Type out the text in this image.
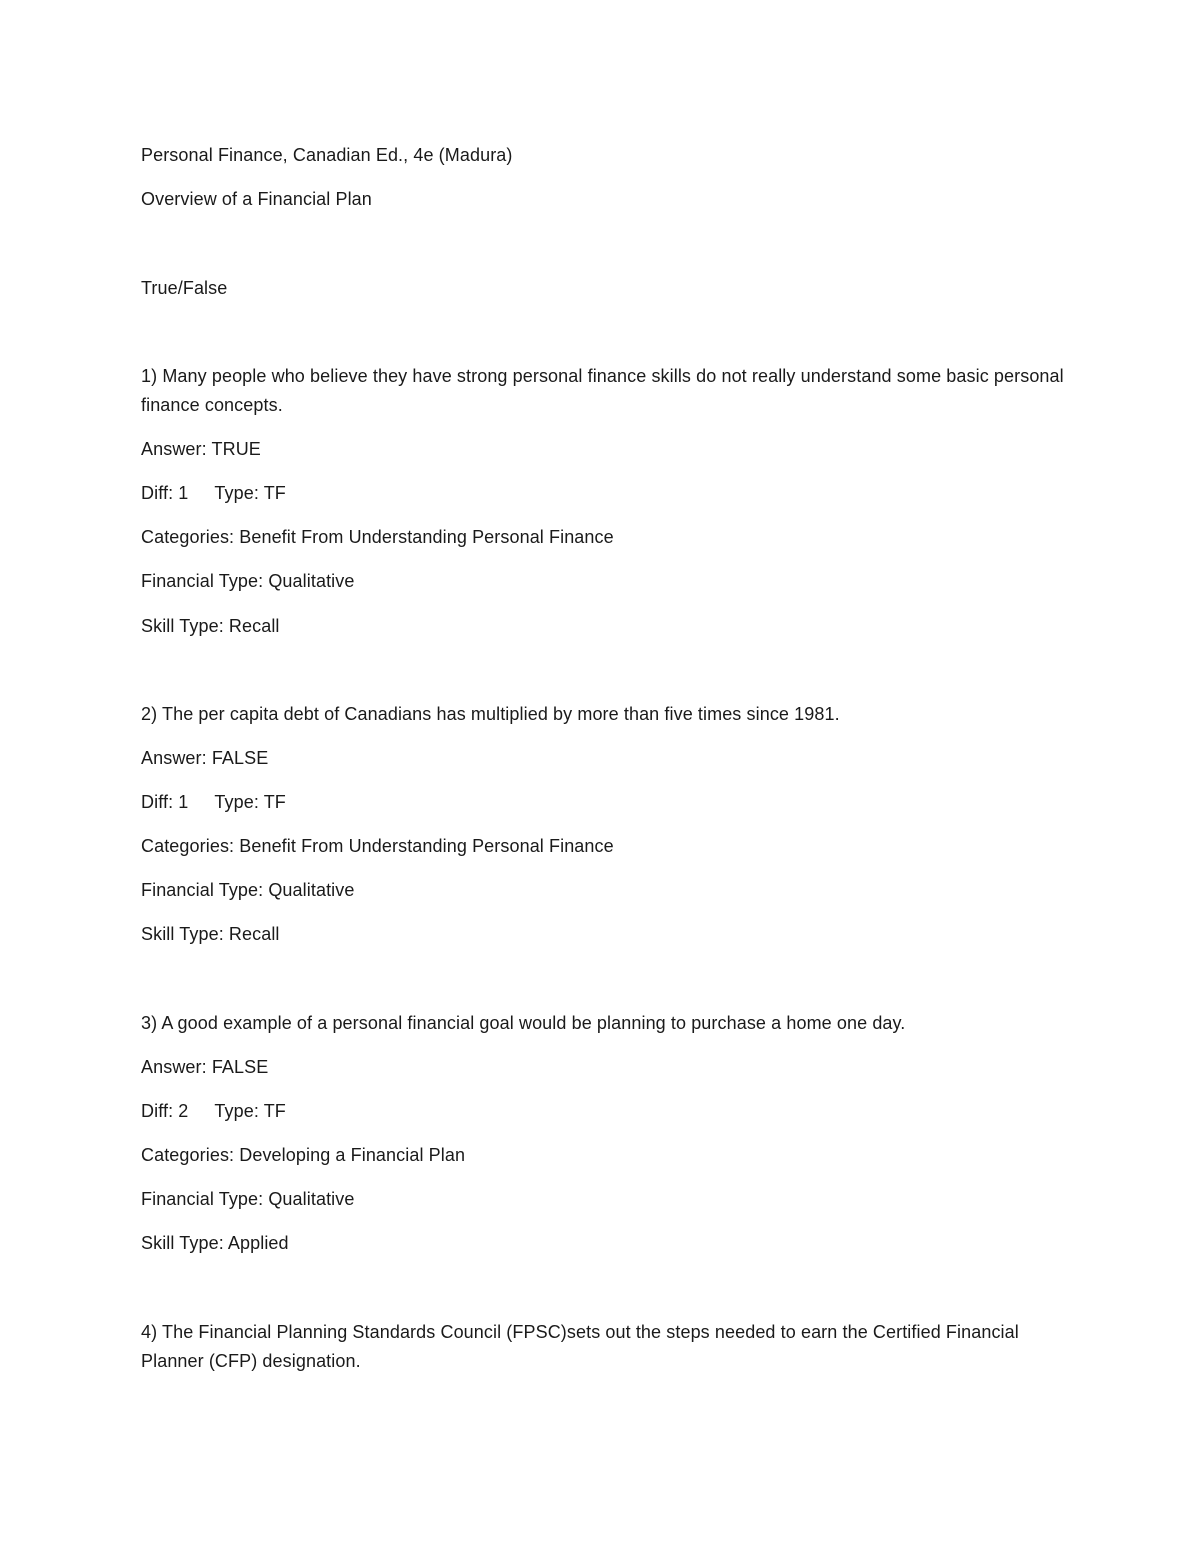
Personal Finance, Canadian Ed., 4e (Madura)
Overview of a Financial Plan
True/False
1) Many people who believe they have strong personal finance skills do not really understand some basic personal finance concepts.
Answer: TRUE
Diff: 1 Type: TF
Categories: Benefit From Understanding Personal Finance
Financial Type: Qualitative
Skill Type: Recall
2) The per capita debt of Canadians has multiplied by more than five times since 1981.
Answer: FALSE
Diff: 1 Type: TF
Categories: Benefit From Understanding Personal Finance
Financial Type: Qualitative
Skill Type: Recall
3) A good example of a personal financial goal would be planning to purchase a home one day.
Answer: FALSE
Diff: 2 Type: TF
Categories: Developing a Financial Plan
Financial Type: Qualitative
Skill Type: Applied
4) The Financial Planning Standards Council (FPSC)sets out the steps needed to earn the Certified Financial Planner (CFP) designation.
